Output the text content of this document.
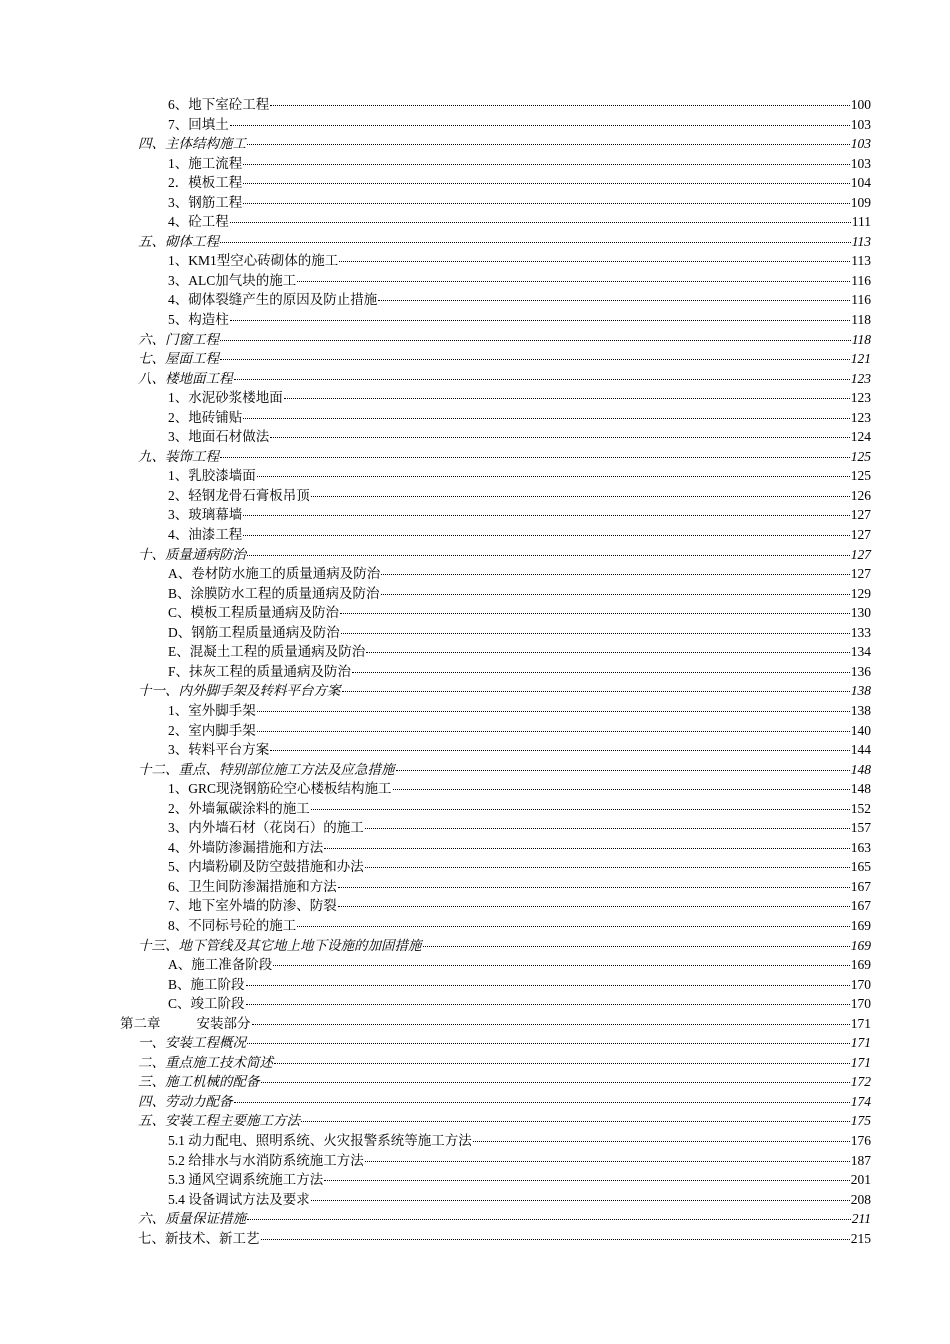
6、地下室砼工程	100
7、回填土	103
四、主体结构施工	103
1、施工流程	103
2．模板工程	104
3、钢筋工程	109
4、砼工程	111
五、砌体工程	113
1、KM1型空心砖砌体的施工	113
3、ALC加气块的施工	116
4、砌体裂缝产生的原因及防止措施	116
5、构造柱	118
六、门窗工程	118
七、屋面工程	121
八、楼地面工程	123
1、水泥砂浆楼地面	123
2、地砖铺贴	123
3、地面石材做法	124
九、装饰工程	125
1、乳胶漆墙面	125
2、轻钢龙骨石膏板吊顶	126
3、玻璃幕墙	127
4、油漆工程	127
十、质量通病防治	127
A、卷材防水施工的质量通病及防治	127
B、涂膜防水工程的质量通病及防治	129
C、模板工程质量通病及防治	130
D、钢筋工程质量通病及防治	133
E、混凝土工程的质量通病及防治	134
F、抹灰工程的质量通病及防治	136
十一、内外脚手架及转料平台方案	138
1、室外脚手架	138
2、室内脚手架	140
3、转料平台方案	144
十二、重点、特别部位施工方法及应急措施	148
1、GRC现浇钢筋砼空心楼板结构施工	148
2、外墙氟碳涂料的施工	152
3、内外墙石材（花岗石）的施工	157
4、外墙防渗漏措施和方法	163
5、内墙粉刷及防空鼓措施和办法	165
6、卫生间防渗漏措施和方法	167
7、地下室外墙的防渗、防裂	167
8、不同标号砼的施工	169
十三、地下管线及其它地上地下设施的加固措施	169
A、施工准备阶段	169
B、施工阶段	170
C、竣工阶段	170
第二章	安装部分	171
一、安装工程概况	171
二、重点施工技术简述	171
三、施工机械的配备	172
四、劳动力配备	174
五、安装工程主要施工方法	175
5.1 动力配电、照明系统、火灾报警系统等施工方法	176
5.2 给排水与水消防系统施工方法	187
5.3 通风空调系统施工方法	201
5.4 设备调试方法及要求	208
六、质量保证措施	211
七、新技术、新工艺	215
